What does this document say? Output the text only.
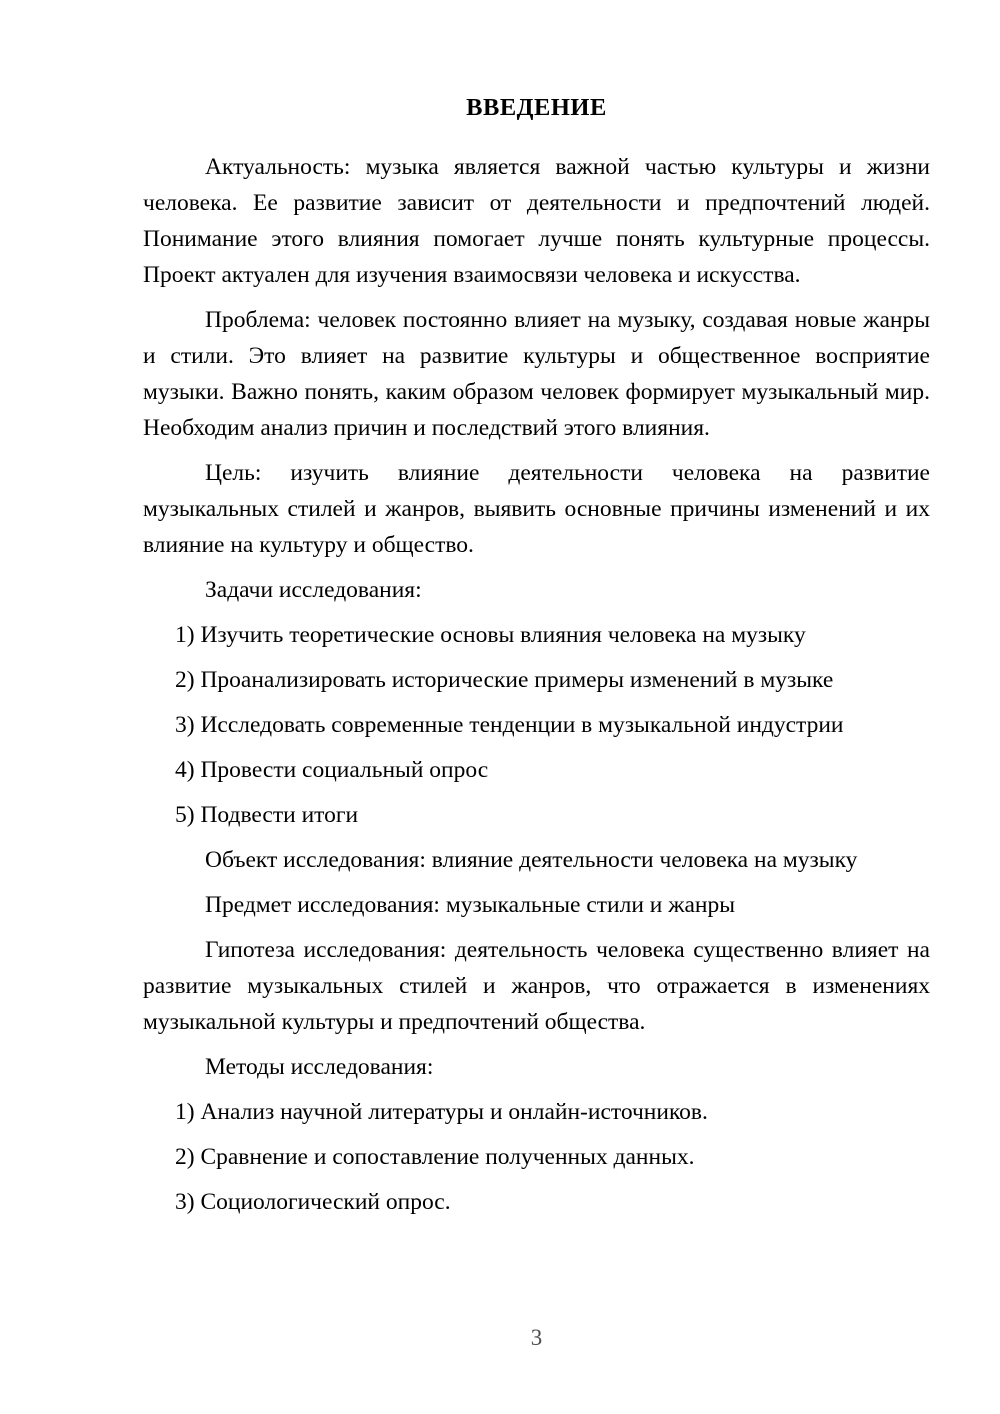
ВВЕДЕНИЕ

Актуальность: музыка является важной частью культуры и жизни человека. Ее развитие зависит от деятельности и предпочтений людей. Понимание этого влияния помогает лучше понять культурные процессы. Проект актуален для изучения взаимосвязи человека и искусства.

Проблема: человек постоянно влияет на музыку, создавая новые жанры и стили. Это влияет на развитие культуры и общественное восприятие музыки. Важно понять, каким образом человек формирует музыкальный мир. Необходим анализ причин и последствий этого влияния.

Цель: изучить влияние деятельности человека на развитие музыкальных стилей и жанров, выявить основные причины изменений и их влияние на культуру и общество.

Задачи исследования:

1) Изучить теоретические основы влияния человека на музыку

2) Проанализировать исторические примеры изменений в музыке

3) Исследовать современные тенденции в музыкальной индустрии

4) Провести социальный опрос

5) Подвести итоги

Объект исследования: влияние деятельности человека на музыку

Предмет исследования: музыкальные стили и жанры

Гипотеза исследования: деятельность человека существенно влияет на развитие музыкальных стилей и жанров, что отражается в изменениях музыкальной культуры и предпочтений общества.

Методы исследования:

1) Анализ научной литературы и онлайн-источников.

2) Сравнение и сопоставление полученных данных.

3) Социологический опрос.

3
